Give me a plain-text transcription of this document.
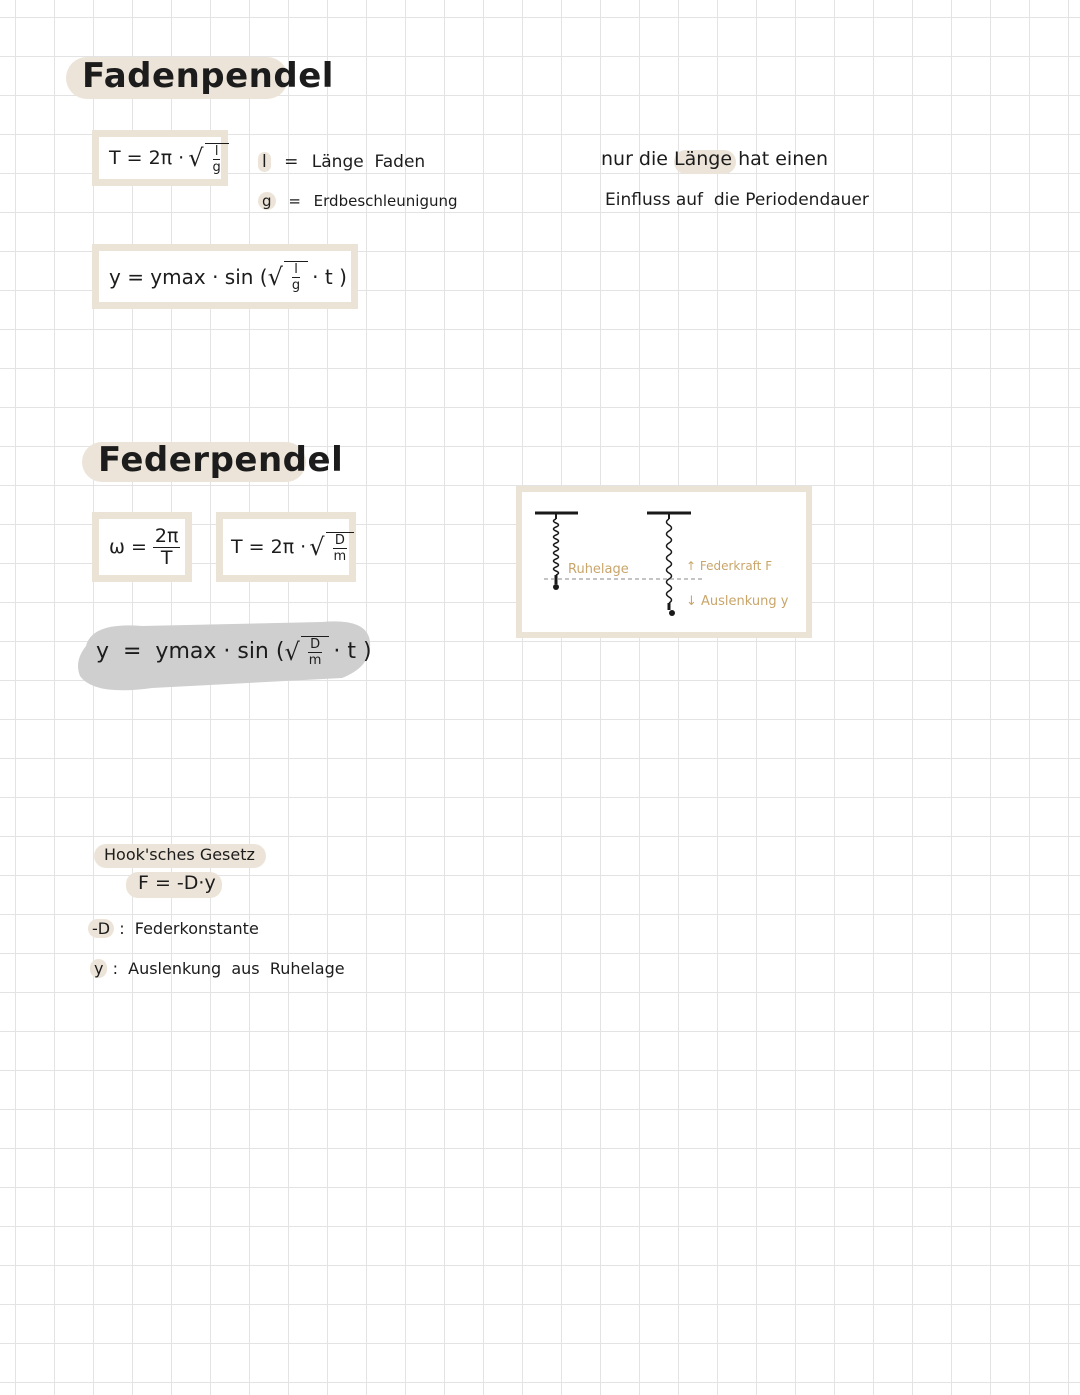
Fadenpendel
T = 2π · √ $\frac{l}{g}$ l = Länge  Faden
g = Erdbeschleunigung
nur die Länge hat einen
Einfluss auf  die Periodendauer
y = ymax · sin ( √ $\frac{l}{g} \cdot t$ )
Federpendel
$\omega = \frac{2\pi}{T}$	T = 2π · √ $\frac{D}{m}$
y  =  ymax · sin ( √ $\frac{D}{m} \cdot t$ )
Ruhelage	↑ Federkraft F
↓ Auslenkung y
Hook'sches Gesetz
F = -D·y
-D :  Federkonstante
y :  Auslenkung  aus  Ruhelage
